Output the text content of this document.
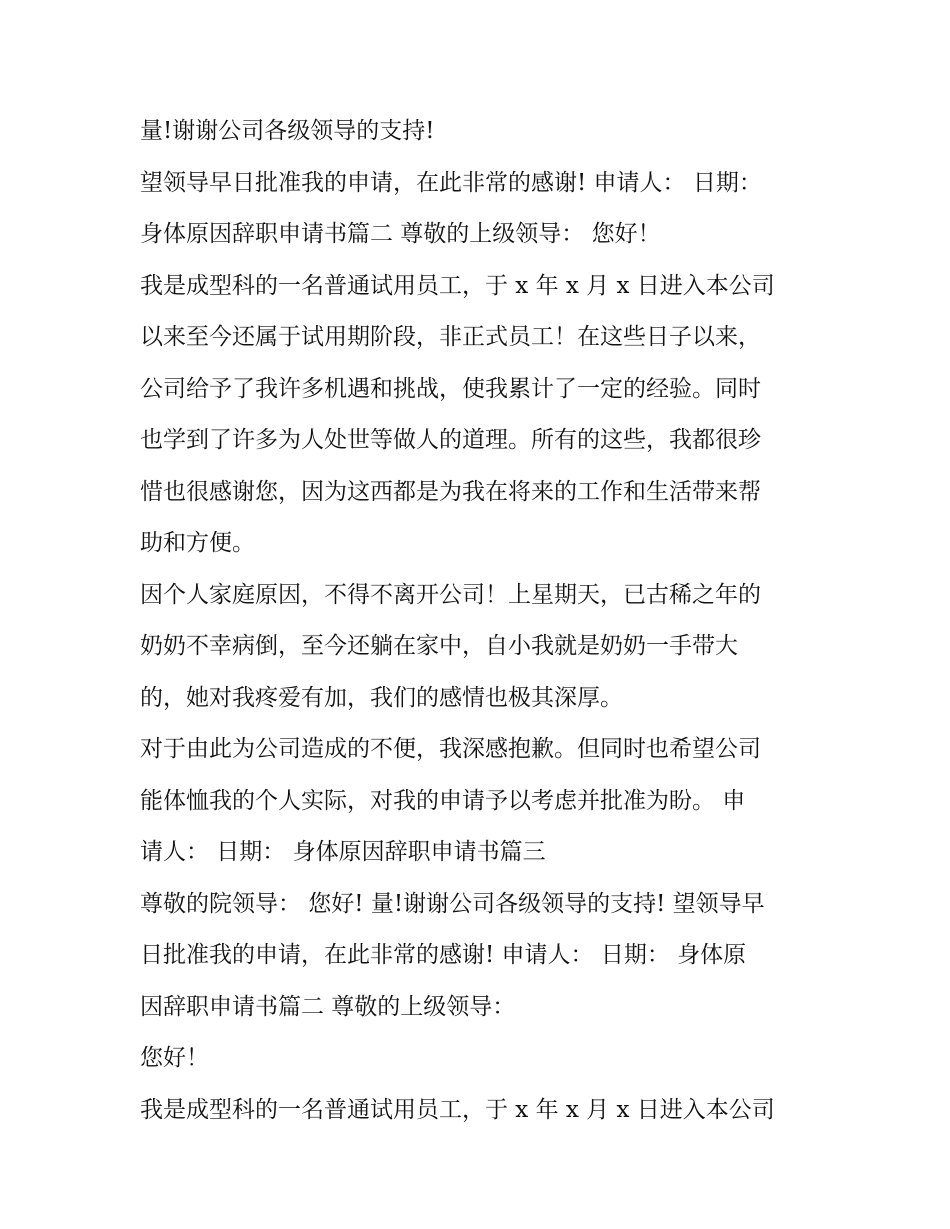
量!谢谢公司各级领导的支持!
望领导早日批准我的申请，在此非常的感谢! 申请人： 日期：
身体原因辞职申请书篇二 尊敬的上级领导： 您好！
我是成型科的一名普通试用员工，于 x 年 x 月 x 日进入本公司
以来至今还属于试用期阶段，非正式员工！在这些日子以来，
公司给予了我许多机遇和挑战，使我累计了一定的经验。同时
也学到了许多为人处世等做人的道理。所有的这些，我都很珍
惜也很感谢您，因为这西都是为我在将来的工作和生活带来帮
助和方便。
因个人家庭原因，不得不离开公司！上星期天，已古稀之年的
奶奶不幸病倒，至今还躺在家中，自小我就是奶奶一手带大
的，她对我疼爱有加，我们的感情也极其深厚。
对于由此为公司造成的不便，我深感抱歉。但同时也希望公司
能体恤我的个人实际，对我的申请予以考虑并批准为盼。 申
请人： 日期： 身体原因辞职申请书篇三
尊敬的院领导： 您好! 量!谢谢公司各级领导的支持! 望领导早
日批准我的申请，在此非常的感谢! 申请人： 日期： 身体原
因辞职申请书篇二 尊敬的上级领导：
您好！
我是成型科的一名普通试用员工，于 x 年 x 月 x 日进入本公司
